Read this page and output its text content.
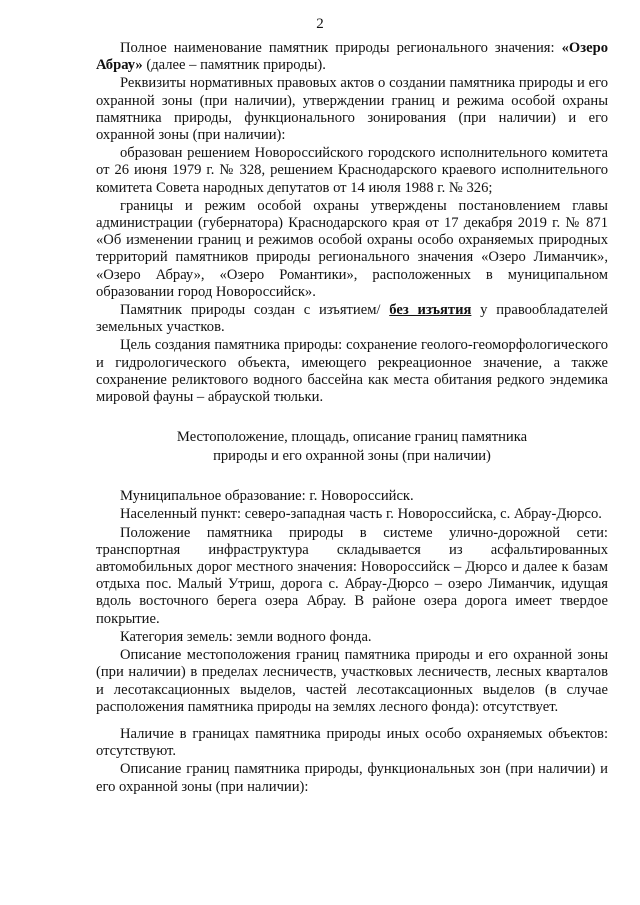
2

Полное наименование памятник природы регионального значения: «Озеро Абрау» (далее – памятник природы).

Реквизиты нормативных правовых актов о создании памятника природы и его охранной зоны (при наличии), утверждении границ и режима особой охраны памятника природы, функционального зонирования (при наличии) и его охранной зоны (при наличии):

образован решением Новороссийского городского исполнительного комитета от 26 июня 1979 г. № 328, решением Краснодарского краевого исполнительного комитета Совета народных депутатов от 14 июля 1988 г. № 326;

границы и режим особой охраны утверждены постановлением главы администрации (губернатора) Краснодарского края от 17 декабря 2019 г. № 871 «Об изменении границ и режимов особой охраны особо охраняемых природных территорий памятников природы регионального значения «Озеро Лиманчик», «Озеро Абрау», «Озеро Романтики», расположенных в муниципальном образовании город Новороссийск».

Памятник природы создан с изъятием/ без изъятия у правообладателей земельных участков.

Цель создания памятника природы: сохранение геолого-геоморфологического и гидрологического объекта, имеющего рекреационное значение, а также сохранение реликтового водного бассейна как места обитания редкого эндемика мировой фауны – абрауской тюльки.

Местоположение, площадь, описание границ памятника
природы и его охранной зоны (при наличии)

Муниципальное образование: г. Новороссийск.

Населенный пункт: северо-западная часть г. Новороссийска, с. Абрау-Дюрсо.

Положение памятника природы в системе улично-дорожной сети: транспортная инфраструктура складывается из асфальтированных автомобильных дорог местного значения: Новороссийск – Дюрсо и далее к базам отдыха пос. Малый Утриш, дорога с. Абрау-Дюрсо – озеро Лиманчик, идущая вдоль восточного берега озера Абрау. В районе озера дорога имеет твердое покрытие.

Категория земель: земли водного фонда.

Описание местоположения границ памятника природы и его охранной зоны (при наличии) в пределах лесничеств, участковых лесничеств, лесных кварталов и лесотаксационных выделов, частей лесотаксационных выделов (в случае расположения памятника природы на землях лесного фонда): отсутствует.

Наличие в границах памятника природы иных особо охраняемых объектов: отсутствуют.

Описание границ памятника природы, функциональных зон (при наличии) и его охранной зоны (при наличии):
